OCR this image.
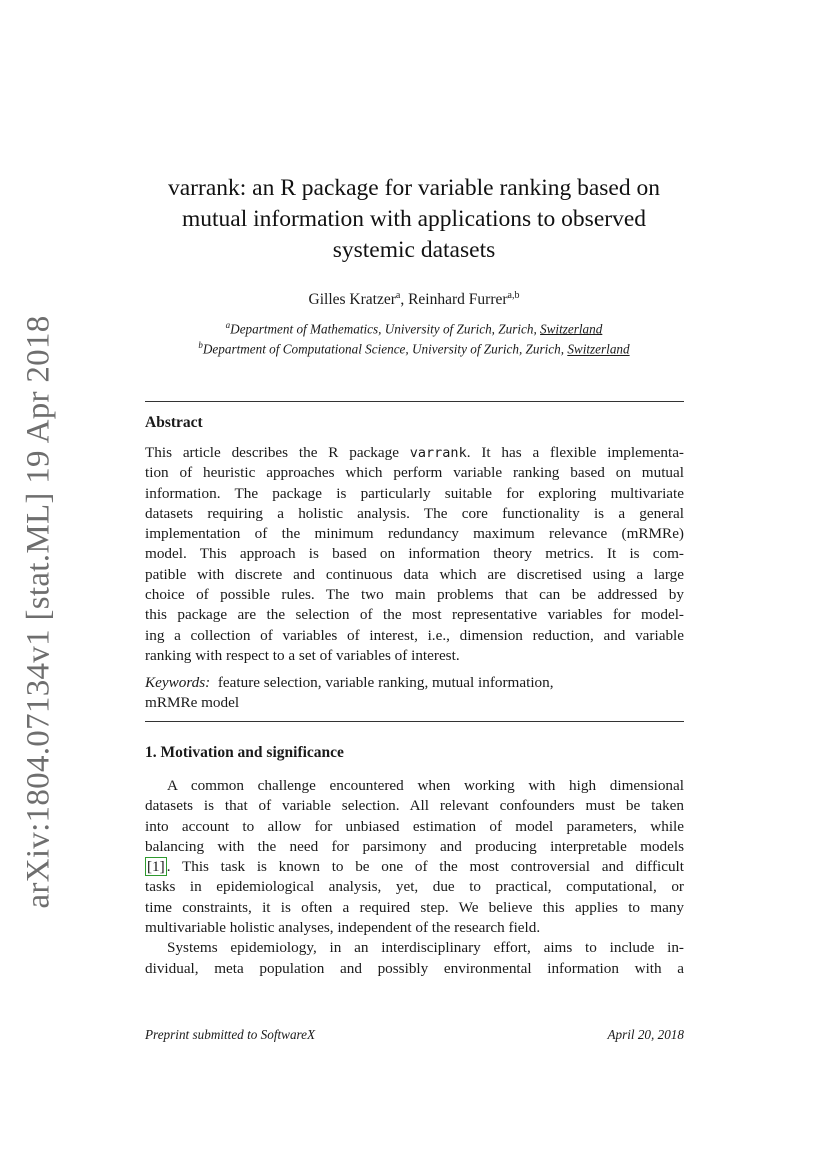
arXiv:1804.07134v1 [stat.ML] 19 Apr 2018
varrank: an R package for variable ranking based on
mutual information with applications to observed
systemic datasets
Gilles Kratzer$^a$, Reinhard Furrer$^{a,b}$
$^a$Department of Mathematics, University of Zurich, Zurich, Switzerland
$^b$Department of Computational Science, University of Zurich, Zurich, Switzerland
Abstract
This article describes the R package varrank. It has a flexible implementa-
tion of heuristic approaches which perform variable ranking based on mutual
information. The package is particularly suitable for exploring multivariate
datasets requiring a holistic analysis. The core functionality is a general
implementation of the minimum redundancy maximum relevance (mRMRe)
model. This approach is based on information theory metrics. It is com-
patible with discrete and continuous data which are discretised using a large
choice of possible rules. The two main problems that can be addressed by
this package are the selection of the most representative variables for model-
ing a collection of variables of interest, i.e., dimension reduction, and variable
ranking with respect to a set of variables of interest.
Keywords: feature selection, variable ranking, mutual information,
mRMRe model
1. Motivation and significance
A common challenge encountered when working with high dimensional
datasets is that of variable selection. All relevant confounders must be taken
into account to allow for unbiased estimation of model parameters, while
balancing with the need for parsimony and producing interpretable models
[1] . This task is known to be one of the most controversial and difficult
tasks in epidemiological analysis, yet, due to practical, computational, or
time constraints, it is often a required step. We believe this applies to many
multivariable holistic analyses, independent of the research field.
Systems epidemiology, in an interdisciplinary effort, aims to include in-
dividual, meta population and possibly environmental information with a
Preprint submitted to SoftwareX	April 20, 2018
